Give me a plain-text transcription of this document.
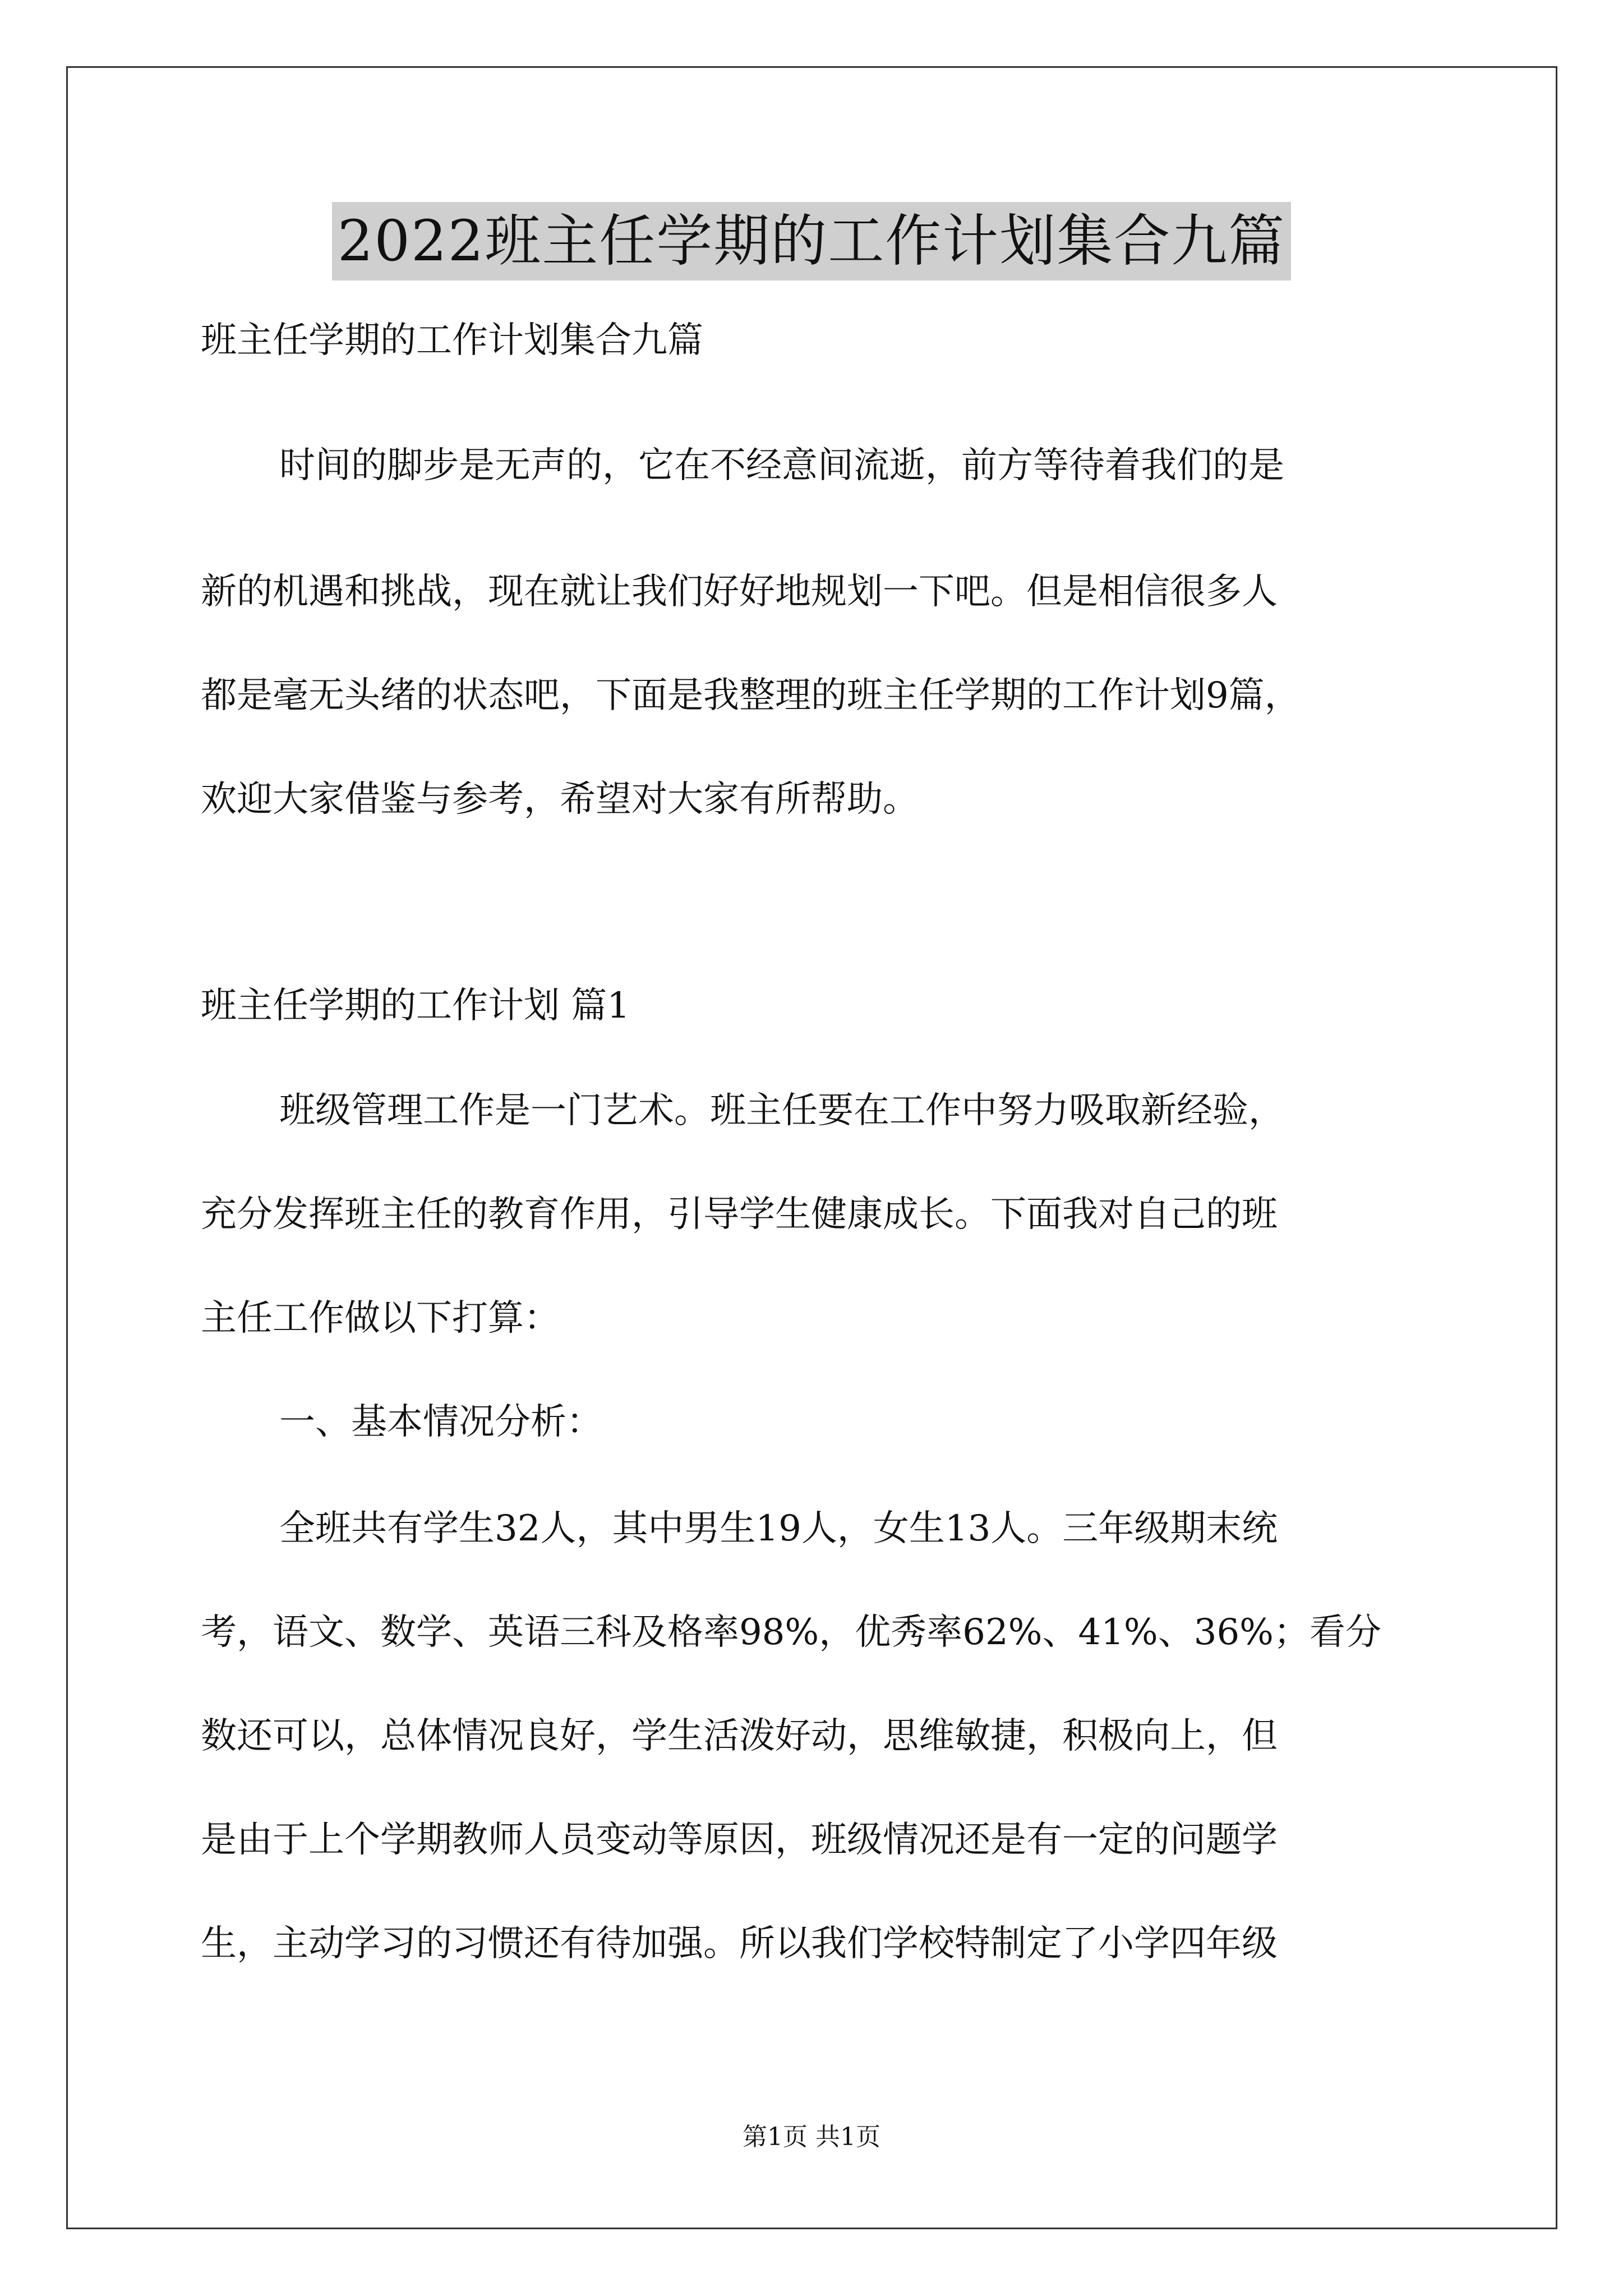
2022班主任学期的工作计划集合九篇
班主任学期的工作计划集合九篇
时间的脚步是无声的，它在不经意间流逝，前方等待着我们的是
新的机遇和挑战，现在就让我们好好地规划一下吧。但是相信很多人
都是毫无头绪的状态吧，下面是我整理的班主任学期的工作计划9篇，
欢迎大家借鉴与参考，希望对大家有所帮助。
班主任学期的工作计划 篇1
班级管理工作是一门艺术。班主任要在工作中努力吸取新经验，
充分发挥班主任的教育作用，引导学生健康成长。下面我对自己的班
主任工作做以下打算：
一、基本情况分析：
全班共有学生32人，其中男生19人，女生13人。三年级期末统
考，语文、数学、英语三科及格率98%，优秀率62%、41%、36%；看分
数还可以，总体情况良好，学生活泼好动，思维敏捷，积极向上，但
是由于上个学期教师人员变动等原因，班级情况还是有一定的问题学
生，主动学习的习惯还有待加强。所以我们学校特制定了小学四年级
第1页 共1页
